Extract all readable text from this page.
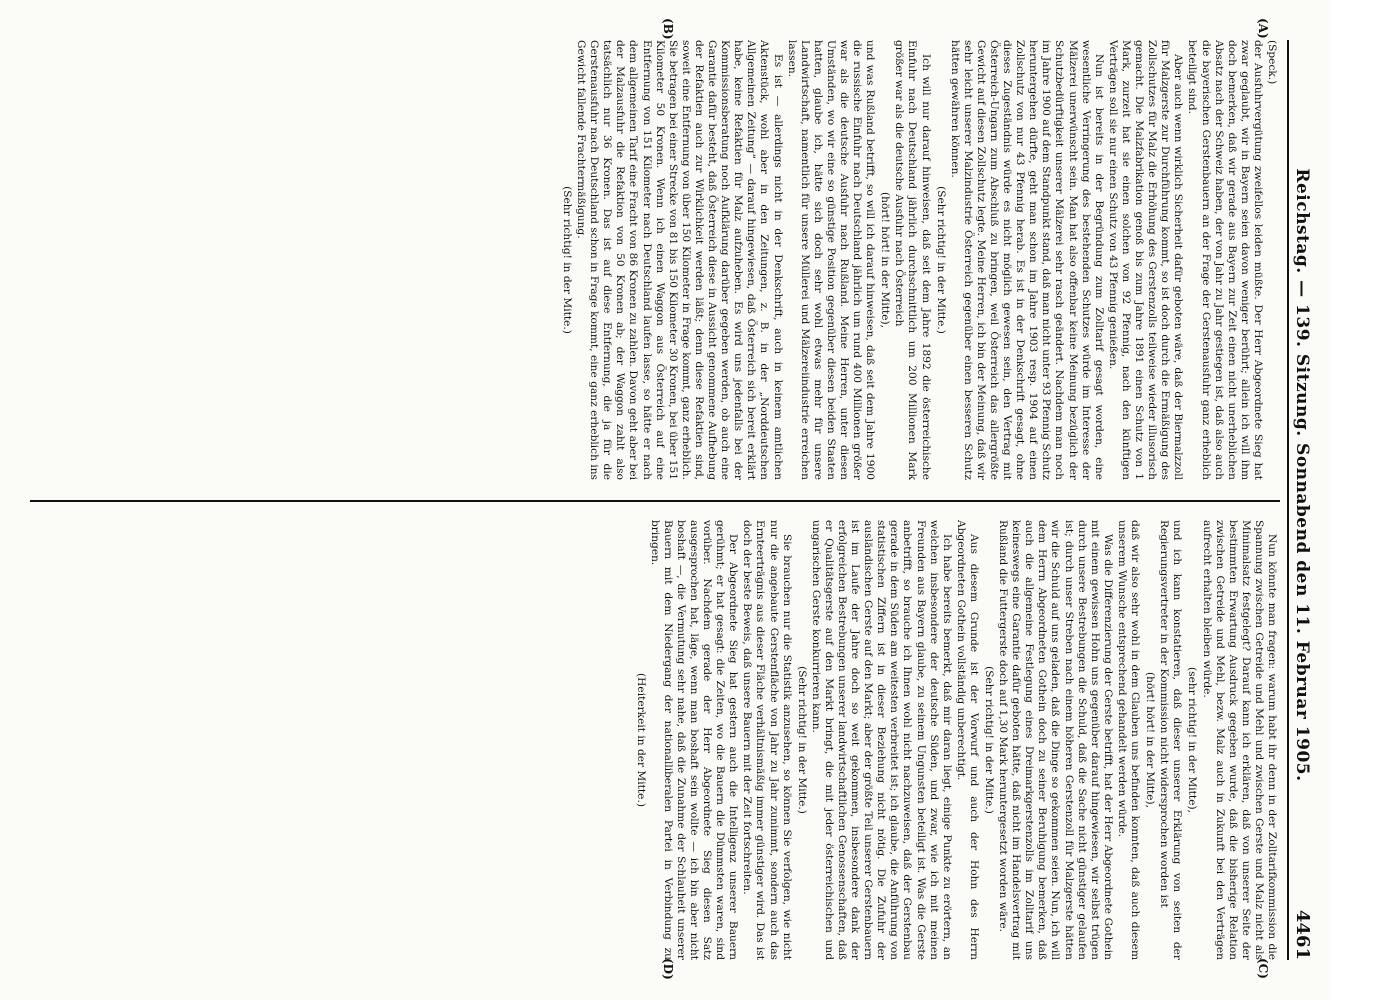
Reichstag. — 139. Sitzung. Sonnabend den 11. Februar 1905.
4461
(A)
(B)
(C)
(D)

(Speck.)

der Ausfuhrvergütung zweifellos leiden müßte. Der Herr Abgeordnete Sieg hat zwar geglaubt, wir in Bayern seien davon weniger berührt; allein ich will ihm doch bemerken, daß wir gerade aus Bayern zur Zeit einen nicht unerheblichen Absatz nach der Schweiz haben, der von Jahr zu Jahr gestiegen ist, daß also auch die bayerischen Gerstenbauern an der Frage der Gerstenausfuhr ganz erheblich beteiligt sind.

Aber auch wenn wirklich Sicherheit dafür geboten wäre, daß der Biermalzzoll für Malzgerste zur Durchführung kommt, so ist doch durch die Ermäßigung des Zollschutzes für Malz die Erhöhung des Gerstenzolls teilweise wieder illusorisch gemacht. Die Malzfabrikation genoß bis zum Jahre 1891 einen Schutz von 1 Mark, zurzeit hat sie einen solchen von 92 Pfennig, nach den künftigen Verträgen soll sie nur einen Schutz von 43 Pfennig genießen.

Nun ist bereits in der Begründung zum Zolltarif gesagt worden, eine wesentliche Verringerung des bestehenden Schutzes würde im Interesse der Mälzerei unerwünscht sein. Man hat also offenbar keine Meinung bezüglich der Schutzbedürftigkeit unserer Mälzerei sehr rasch geändert. Nachdem man noch im Jahre 1900 auf dem Standpunkt stand, daß man nicht unter 93 Pfennig Schutz heruntergehen dürfte, geht man schon im Jahre 1903 resp. 1904 auf einen Zollschutz von nur 43 Pfennig herab. Es ist in der Denkschrift gesagt, ohne dieses Zugeständnis würde es nicht möglich gewesen sein, den Vertrag mit Österreich-Ungarn zum Abschluß zu bringen, weil Österreich das allergrößte Gewicht auf diesen Zollschutz legte. Meine Herren, ich bin der Meinung, daß wir sehr leicht unserer Malzindustrie Österreich gegenüber einen besseren Schutz hätten gewähren können.

(Sehr richtig! in der Mitte.)

Ich will nur darauf hinweisen, daß seit dem Jahre 1892 die österreichische Einfuhr nach Deutschland jährlich durchschnittlich um 200 Millionen Mark größer war als die deutsche Ausfuhr nach Österreich

(hört! hört! in der Mitte),

und was Rußland betrifft, so will ich darauf hinweisen, daß seit dem Jahre 1900 die russische Einfuhr nach Deutschland jährlich um rund 400 Millionen größer war als die deutsche Ausfuhr nach Rußland. Meine Herren, unter diesen Umständen, wo wir eine so günstige Position gegenüber diesen beiden Staaten hatten, glaube ich, hätte sich doch sehr wohl etwas mehr für unsere Landwirtschaft, namentlich für unsere Müllerei und Mälzereiindustrie erreichen lassen.

Es ist — allerdings nicht in der Denkschrift, auch in keinem amtlichen Aktenstück, wohl aber in den Zeitungen, z. B. in der „Norddeutschen Allgemeinen Zeitung“ — darauf hingewiesen, daß Österreich sich bereit erklärt habe, keine Refaktien für Malz aufzuheben. Es wird uns jedenfalls bei der Kommissionsberatung noch Aufklärung darüber gegeben werden, ob auch eine Garantie dafür besteht, daß Österreich diese in Aussicht genommene Aufhebung der Refaktien auch zur Wirklichkeit werden läßt; denn diese Refaktien sind, soweit eine Entfernung von über 150 Kilometer in Frage kommt, ganz erheblich. Sie betragen bei einer Strecke von 81 bis 150 Kilometer 30 Kronen, bei über 151 Kilometer 50 Kronen. Wenn ich einen Waggon aus Österreich auf eine Entfernung von 151 Kilometer nach Deutschland laufen lasse, so hätte er nach dem allgemeinen Tarif eine Fracht von 86 Kronen zu zahlen. Davon geht aber bei der Malzausfuhr die Refaktion von 50 Kronen ab; der Waggon zahlt also tatsächlich nur 36 Kronen. Das ist auf diese Entfernung, die ja für die Gerstenausfuhr nach Deutschland schon in Frage kommt, eine ganz erheblich ins Gewicht fallende Frachtermäßigung.

(Sehr richtig! in der Mitte.)

Nun könnte man fragen: warum habt ihr denn in der Zolltarifkommission die Spannung zwischen Getreide und Mehl und zwischen Gerste und Malz nicht als Minimalsatz festgelegt? Darauf kann ich erklären, daß von unserer Seite der bestimmten Erwartung Ausdruck gegeben wurde, daß die bisherige Relation zwischen Getreide und Mehl, bezw. Malz auch in Zukunft bei den Verträgen aufrecht erhalten bleiben würde.

(sehr richtig! in der Mitte),

und ich kann konstatieren, daß dieser unserer Erklärung von seiten der Regierungsvertreter in der Kommission nicht widersprochen worden ist

(hört! hört! in der Mitte),

daß wir also sehr wohl in dem Glauben uns befinden konnten, daß auch diesem unserem Wunsche entsprechend gehandelt werden würde.

Was die Differenzierung der Gerste betrifft, hat der Herr Abgeordnete Gothein mit einem gewissen Hohn uns gegenüber darauf hingewiesen, wir selbst trügen durch unsere Bestrebungen die Schuld, daß die Sache nicht günstiger gelaufen ist; durch unser Streben nach einem höheren Gerstenzoll für Malzgerste hätten wir die Schuld auf uns geladen, daß die Dinge so gekommen seien. Nun, ich will dem Herrn Abgeordneten Gothein doch zu seiner Beruhigung bemerken, daß auch die allgemeine Festlegung eines Dreimarkgerstenzolls im Zolltarif uns keineswegs eine Garantie dafür geboten hätte, daß nicht im Handelsvertrag mit Rußland die Futtergerste doch auf 1,30 Mark heruntergesetzt worden wäre.

(Sehr richtig! in der Mitte.)

Aus diesem Grunde ist der Vorwurf und auch der Hohn des Herrn Abgeordneten Gothein vollständig unberechtigt.

Ich habe bereits bemerkt, daß mir daran liegt, einige Punkte zu erörtern, an welchen insbesondere der deutsche Süden, und zwar, wie ich mit meinen Freunden aus Bayern glaube, zu seinem Ungunsten beteiligt ist. Was die Gerste anbetrifft, so brauche ich Ihnen wohl nicht nachzuweisen, daß der Gerstenbau gerade in dem Süden am weitesten verbreitet ist; ich glaube, die Anführung von statistischen Ziffern ist in dieser Beziehung nicht nötig. Die Zufuhr der ausländischen Gerste auf den Markt; aber der größte Teil unserer Gerstenbauern ist im Laufe der Jahre doch so weit gekommen, insbesondere dank der erfolgreichen Bestrebungen unserer landwirtschaftlichen Genossenschaften, daß er Qualitätsgerste auf den Markt bringt, die mit jeder österreichischen und ungarischen Gerste konkurrieren kann.

(Sehr richtig! in der Mitte.)

Sie brauchen nur die Statistik anzusehen, so können Sie verfolgen, wie nicht nur die angebaute Gerstenfläche von Jahr zu Jahr zunimmt, sondern auch das Ernteerträgnis aus dieser Fläche verhältnismäßig immer günstiger wird. Das ist doch der beste Beweis, daß unsere Bauern mit der Zeit fortschreiten.

Der Abgeordnete Sieg hat gestern auch die Intelligenz unserer Bauern gerühmt; er hat gesagt: die Zeiten, wo die Bauern die Dümmsten waren, sind vorüber. Nachdem gerade der Herr Abgeordnete Sieg diesen Satz ausgesprochen hat, läge, wenn man boshaft sein wollte — ich bin aber nicht boshaft —, die Vermutung sehr nahe, daß die Zunahme der Schlauheit unserer Bauern mit dem Niedergang der nationalliberalen Partei in Verbindung zu bringen.

(Heiterkeit in der Mitte.)
